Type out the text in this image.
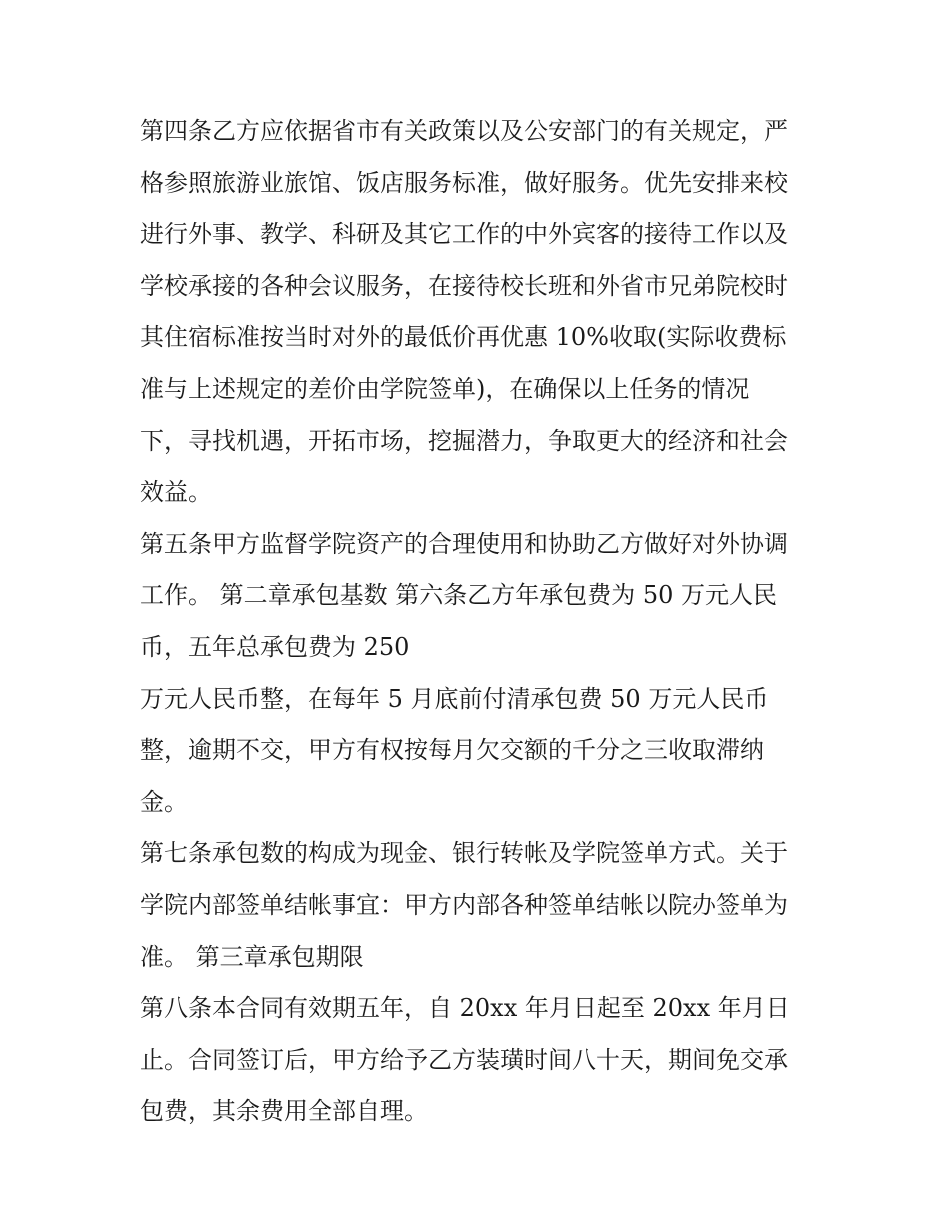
第四条乙方应依据省市有关政策以及公安部门的有关规定，严
格参照旅游业旅馆、饭店服务标准，做好服务。优先安排来校
进行外事、教学、科研及其它工作的中外宾客的接待工作以及
学校承接的各种会议服务，在接待校长班和外省市兄弟院校时
其住宿标准按当时对外的最低价再优惠 10%收取(实际收费标
准与上述规定的差价由学院签单)，在确保以上任务的情况
下，寻找机遇，开拓市场，挖掘潜力，争取更大的经济和社会
效益。
第五条甲方监督学院资产的合理使用和协助乙方做好对外协调
工作。 第二章承包基数 第六条乙方年承包费为 50 万元人民
币，五年总承包费为 250
万元人民币整，在每年 5 月底前付清承包费 50 万元人民币
整，逾期不交，甲方有权按每月欠交额的千分之三收取滞纳
金。
第七条承包数的构成为现金、银行转帐及学院签单方式。关于
学院内部签单结帐事宜：甲方内部各种签单结帐以院办签单为
准。 第三章承包期限
第八条本合同有效期五年，自 20xx 年月日起至 20xx 年月日
止。合同签订后，甲方给予乙方装璜时间八十天，期间免交承
包费，其余费用全部自理。
